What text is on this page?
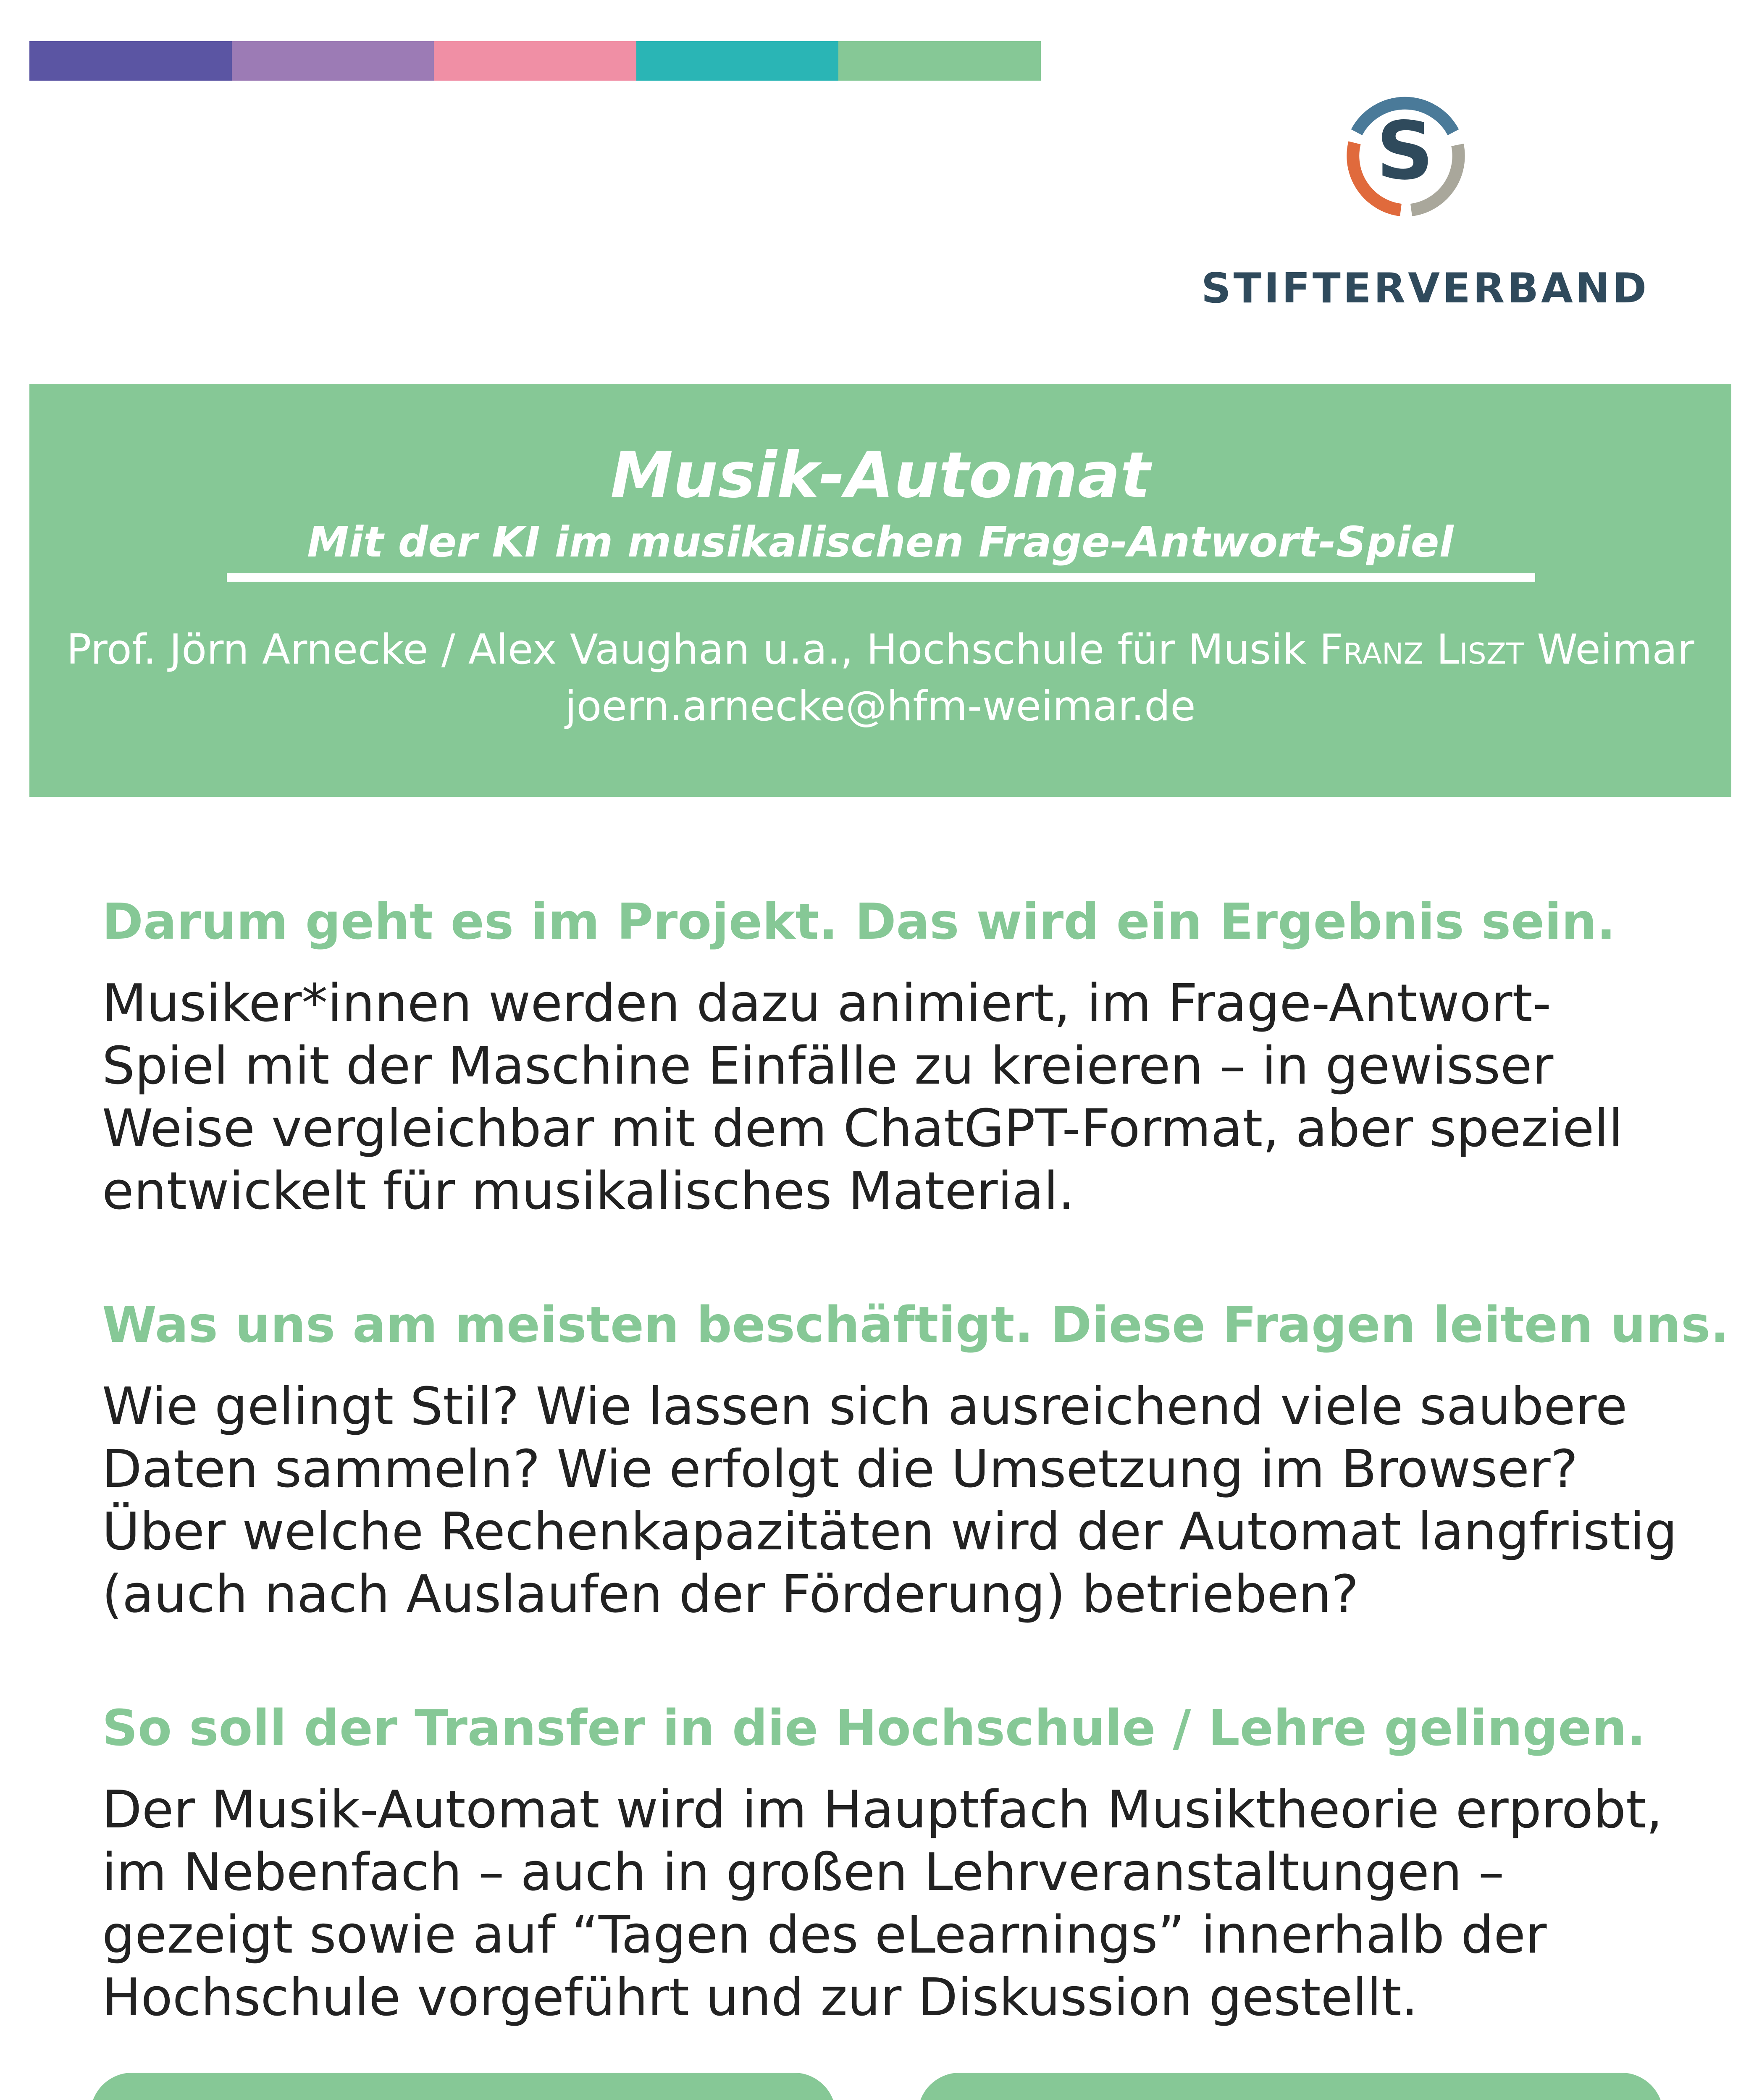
S
STIFTERVERBAND
Musik-Automat
Mit der KI im musikalischen Frage-Antwort-Spiel
Prof. Jörn Arnecke / Alex Vaughan u.a., Hochschule für Musik Franz Liszt Weimar
joern.arnecke@hfm-weimar.de
Darum geht es im Projekt. Das wird ein Ergebnis sein.
Musiker*innen werden dazu animiert, im Frage-Antwort-
Spiel mit der Maschine Einfälle zu kreieren – in gewisser
Weise vergleichbar mit dem ChatGPT-Format, aber speziell
entwickelt für musikalisches Material.
Was uns am meisten beschäftigt. Diese Fragen leiten uns.
Wie gelingt Stil? Wie lassen sich ausreichend viele saubere
Daten sammeln? Wie erfolgt die Umsetzung im Browser?
Über welche Rechenkapazitäten wird der Automat langfristig
(auch nach Auslaufen der Förderung) betrieben?
So soll der Transfer in die Hochschule / Lehre gelingen.
Der Musik-Automat wird im Hauptfach Musiktheorie erprobt,
im Nebenfach – auch in großen Lehrveranstaltungen –
gezeigt sowie auf “Tagen des eLearnings” innerhalb der
Hochschule vorgeführt und zur Diskussion gestellt.
